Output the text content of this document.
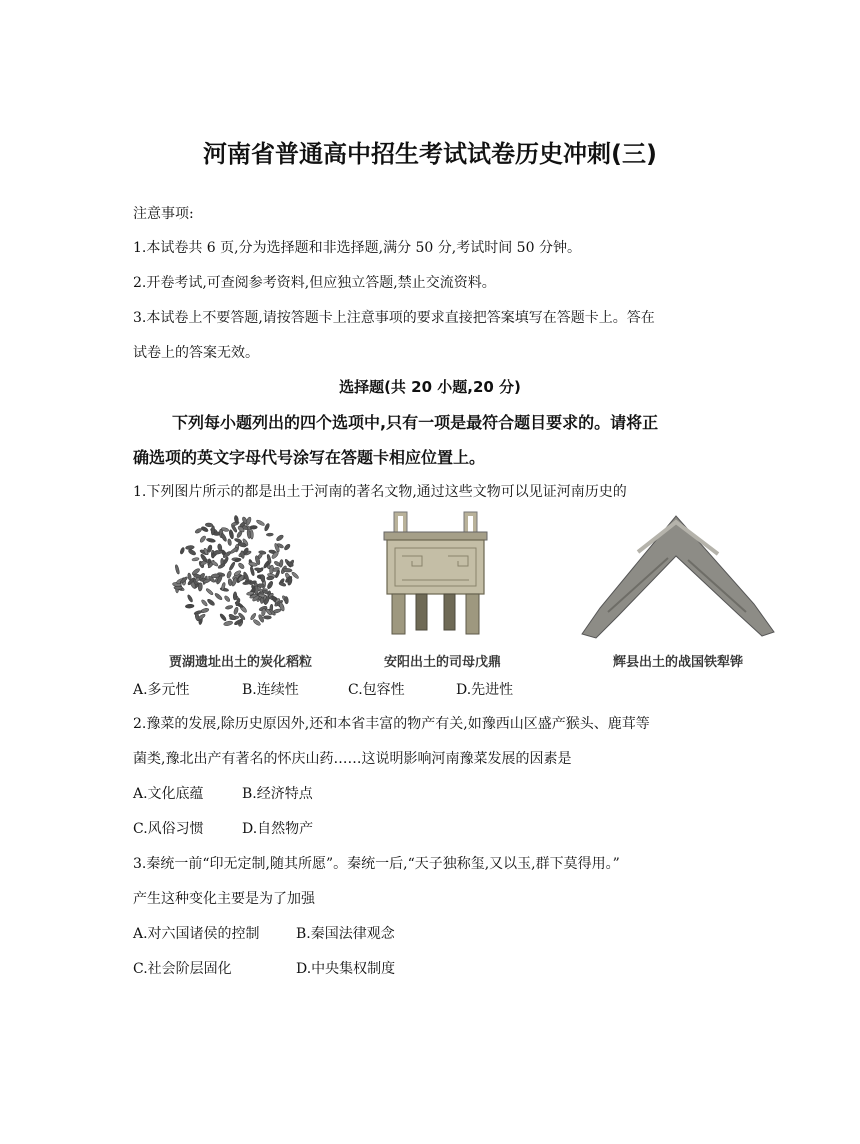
河南省普通高中招生考试试卷历史冲刺(三)
注意事项:
1.本试卷共 6 页,分为选择题和非选择题,满分 50 分,考试时间 50 分钟。
2.开卷考试,可查阅参考资料,但应独立答题,禁止交流资料。
3.本试卷上不要答题,请按答题卡上注意事项的要求直接把答案填写在答题卡上。答在
试卷上的答案无效。
选择题(共 20 小题,20 分)
下列每小题列出的四个选项中,只有一项是最符合题目要求的。请将正
确选项的英文字母代号涂写在答题卡相应位置上。
1.下列图片所示的都是出土于河南的著名文物,通过这些文物可以见证河南历史的
贾湖遗址出土的炭化稻粒	安阳出土的司母戊鼎	辉县出土的战国铁犁铧
A.多元性	B.连续性	C.包容性	D.先进性
2.豫菜的发展,除历史原因外,还和本省丰富的物产有关,如豫西山区盛产猴头、鹿茸等
菌类,豫北出产有著名的怀庆山药……这说明影响河南豫菜发展的因素是
A.文化底蕴	B.经济特点
C.风俗习惯	D.自然物产
3.秦统一前“印无定制,随其所愿”。秦统一后,“天子独称玺,又以玉,群下莫得用。”
产生这种变化主要是为了加强
A.对六国诸侯的控制	B.秦国法律观念
C.社会阶层固化	D.中央集权制度
